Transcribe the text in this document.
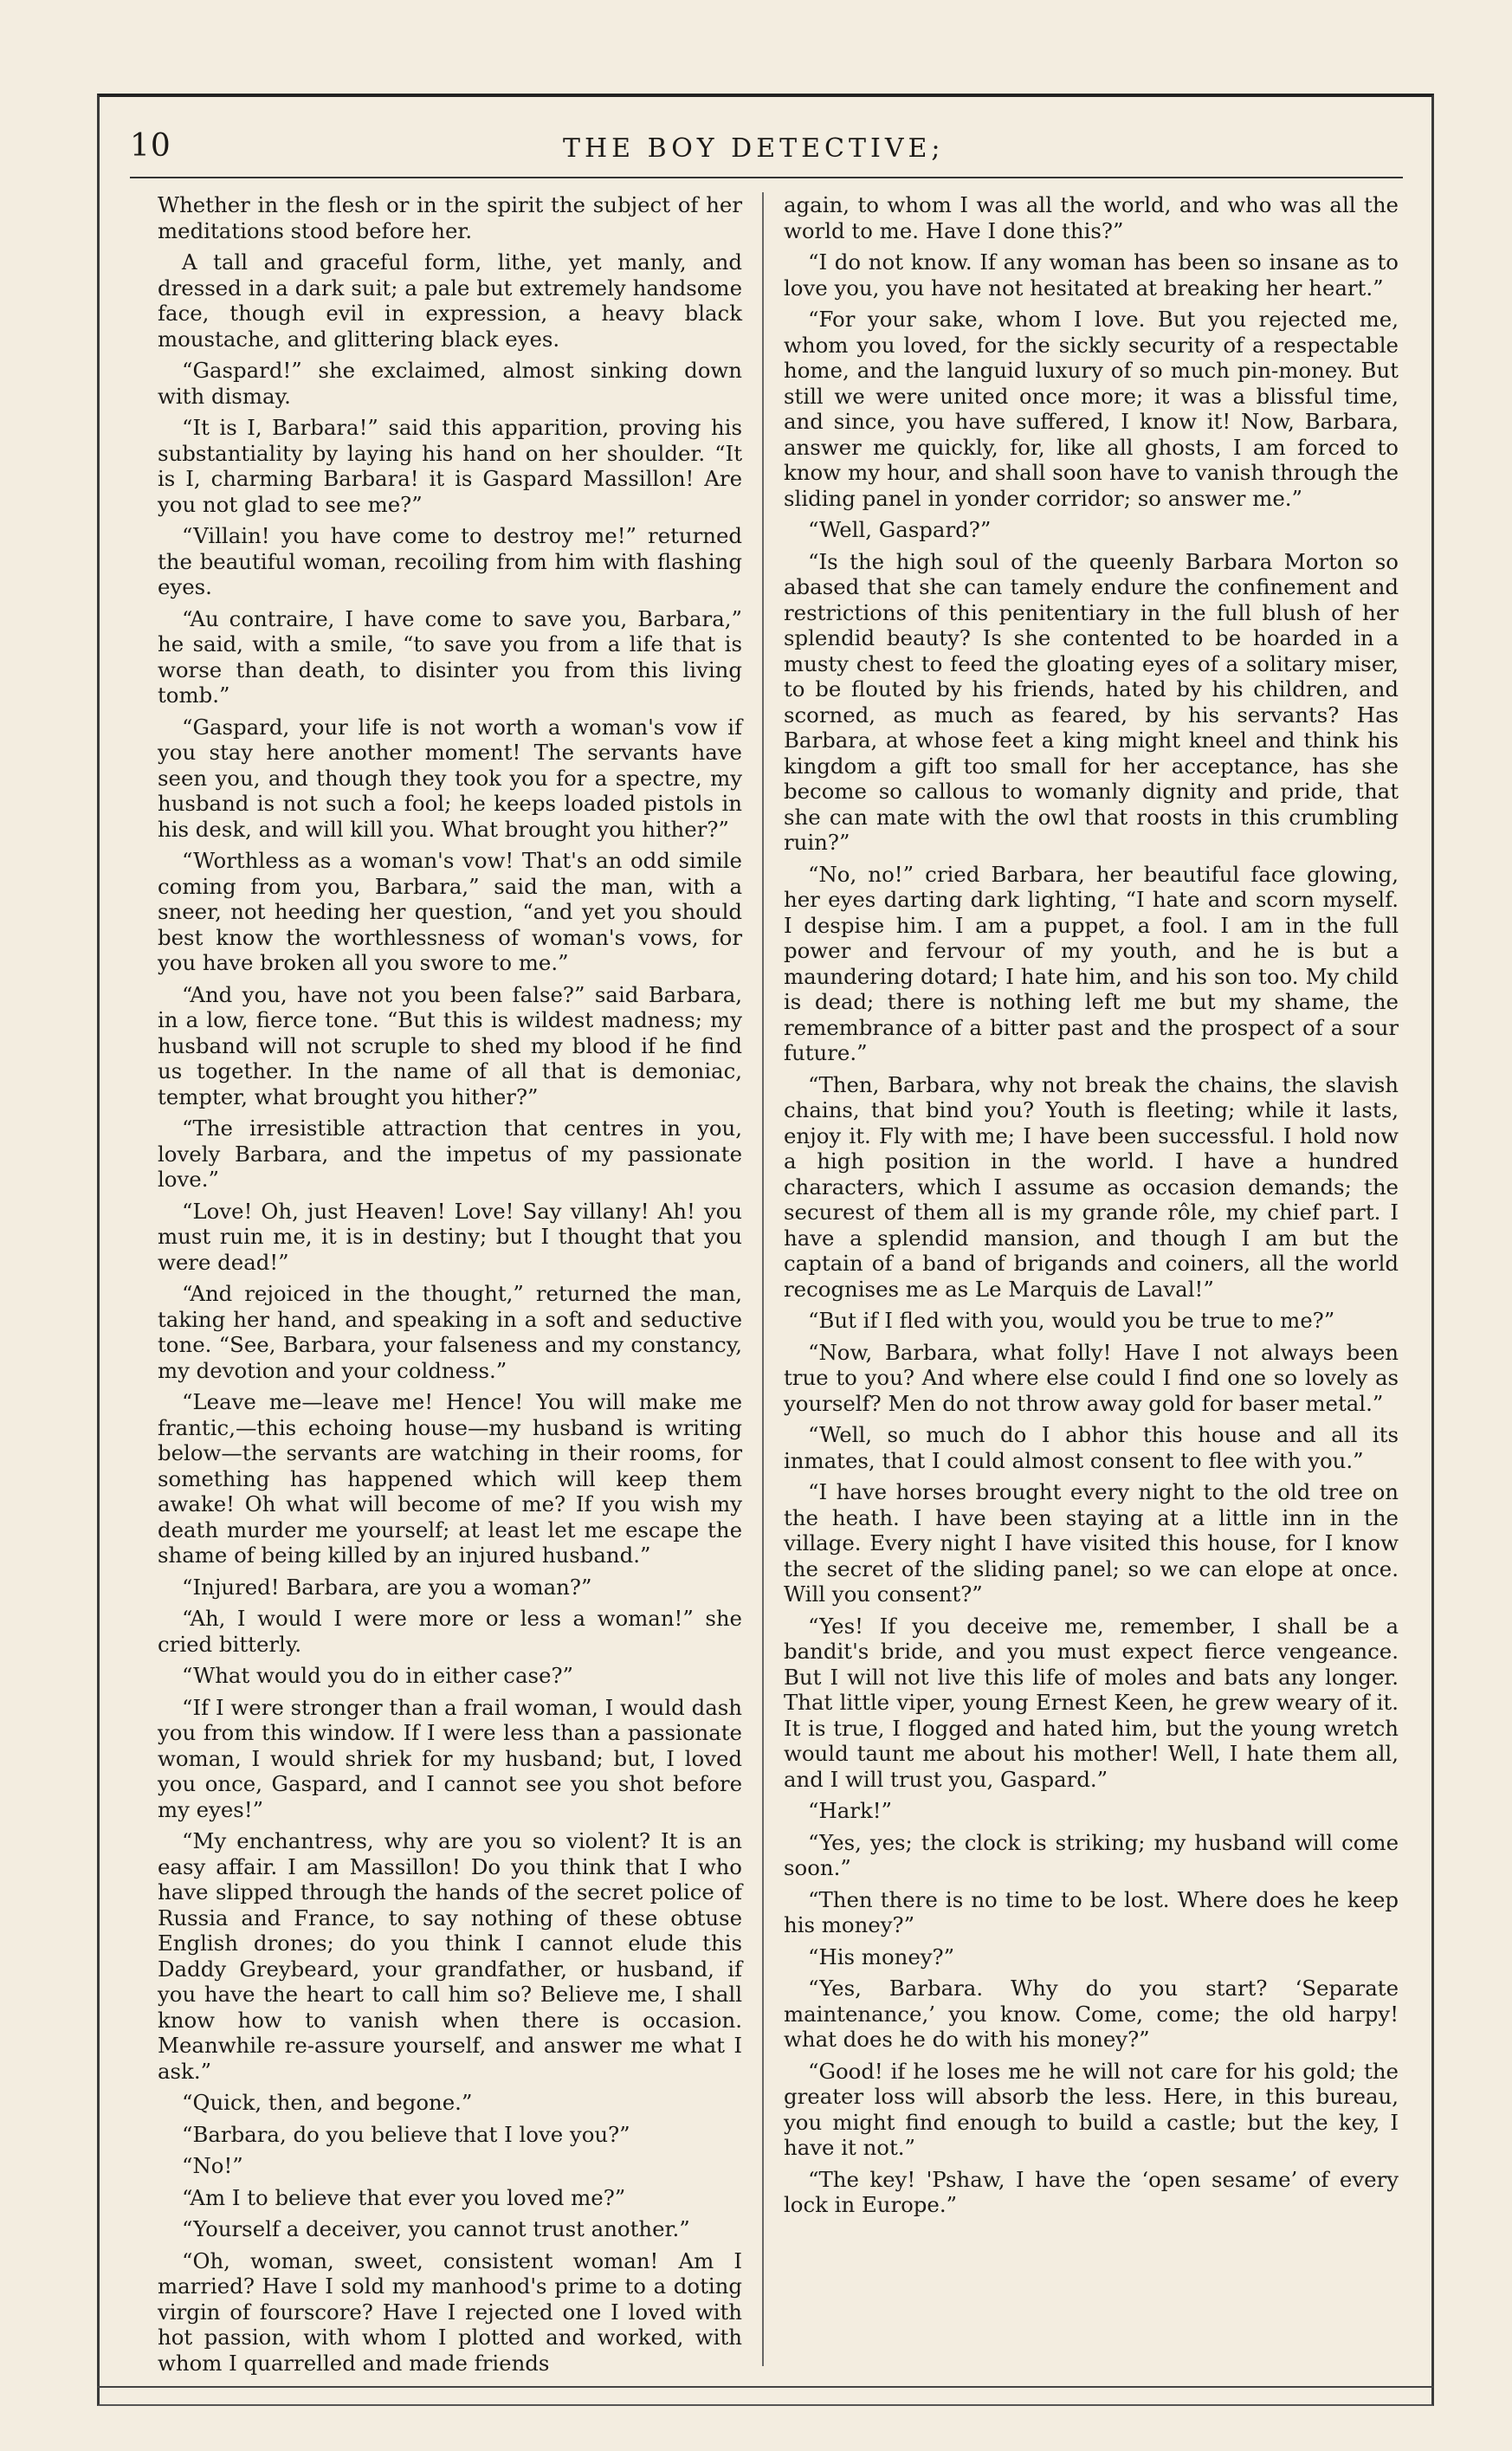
10	THE BOY DETECTIVE;

Whether in the flesh or in the spirit the subject of her meditations stood before her.

A tall and graceful form, lithe, yet manly, and dressed in a dark suit; a pale but extremely handsome face, though evil in expression, a heavy black moustache, and glittering black eyes.

“Gaspard!” she exclaimed, almost sinking down with dismay.

“It is I, Barbara!” said this apparition, proving his substantiality by laying his hand on her shoulder. “It is I, charming Barbara! it is Gaspard Massillon! Are you not glad to see me?”

“Villain! you have come to destroy me!” returned the beautiful woman, recoiling from him with flashing eyes.

“Au contraire, I have come to save you, Barbara,” he said, with a smile, “to save you from a life that is worse than death, to disinter you from this living tomb.”

“Gaspard, your life is not worth a woman's vow if you stay here another moment! The servants have seen you, and though they took you for a spectre, my husband is not such a fool; he keeps loaded pistols in his desk, and will kill you. What brought you hither?”

“Worthless as a woman's vow! That's an odd simile coming from you, Barbara,” said the man, with a sneer, not heeding her question, “and yet you should best know the worthlessness of woman's vows, for you have broken all you swore to me.”

“And you, have not you been false?” said Barbara, in a low, fierce tone. “But this is wildest madness; my husband will not scruple to shed my blood if he find us together. In the name of all that is demoniac, tempter, what brought you hither?”

“The irresistible attraction that centres in you, lovely Barbara, and the impetus of my passionate love.”

“Love! Oh, just Heaven! Love! Say villany! Ah! you must ruin me, it is in destiny; but I thought that you were dead!”

“And rejoiced in the thought,” returned the man, taking her hand, and speaking in a soft and seductive tone. “See, Barbara, your falseness and my constancy, my devotion and your coldness.”

“Leave me—leave me! Hence! You will make me frantic,—this echoing house—my husband is writing below—the servants are watching in their rooms, for something has happened which will keep them awake! Oh what will become of me? If you wish my death murder me yourself; at least let me escape the shame of being killed by an injured husband.”

“Injured! Barbara, are you a woman?”

“Ah, I would I were more or less a woman!” she cried bitterly.

“What would you do in either case?”

“If I were stronger than a frail woman, I would dash you from this window. If I were less than a passionate woman, I would shriek for my husband; but, I loved you once, Gaspard, and I cannot see you shot before my eyes!”

“My enchantress, why are you so violent? It is an easy affair. I am Massillon! Do you think that I who have slipped through the hands of the secret police of Russia and France, to say nothing of these obtuse English drones; do you think I cannot elude this Daddy Greybeard, your grandfather, or husband, if you have the heart to call him so? Believe me, I shall know how to vanish when there is occasion. Meanwhile re-assure yourself, and answer me what I ask.”

“Quick, then, and begone.”

“Barbara, do you believe that I love you?”

“No!”

“Am I to believe that ever you loved me?”

“Yourself a deceiver, you cannot trust another.”

“Oh, woman, sweet, consistent woman! Am I married? Have I sold my manhood's prime to a doting virgin of fourscore? Have I rejected one I loved with hot passion, with whom I plotted and worked, with whom I quarrelled and made friends

again, to whom I was all the world, and who was all the world to me. Have I done this?”

“I do not know. If any woman has been so insane as to love you, you have not hesitated at breaking her heart.”

“For your sake, whom I love. But you rejected me, whom you loved, for the sickly security of a respectable home, and the languid luxury of so much pin-money. But still we were united once more; it was a blissful time, and since, you have suffered, I know it! Now, Barbara, answer me quickly, for, like all ghosts, I am forced to know my hour, and shall soon have to vanish through the sliding panel in yonder corridor; so answer me.”

“Well, Gaspard?”

“Is the high soul of the queenly Barbara Morton so abased that she can tamely endure the confinement and restrictions of this penitentiary in the full blush of her splendid beauty? Is she contented to be hoarded in a musty chest to feed the gloating eyes of a solitary miser, to be flouted by his friends, hated by his children, and scorned, as much as feared, by his servants? Has Barbara, at whose feet a king might kneel and think his kingdom a gift too small for her acceptance, has she become so callous to womanly dignity and pride, that she can mate with the owl that roosts in this crumbling ruin?”

“No, no!” cried Barbara, her beautiful face glowing, her eyes darting dark lighting, “I hate and scorn myself. I despise him. I am a puppet, a fool. I am in the full power and fervour of my youth, and he is but a maundering dotard; I hate him, and his son too. My child is dead; there is nothing left me but my shame, the remembrance of a bitter past and the prospect of a sour future.”

“Then, Barbara, why not break the chains, the slavish chains, that bind you? Youth is fleeting; while it lasts, enjoy it. Fly with me; I have been successful. I hold now a high position in the world. I have a hundred characters, which I assume as occasion demands; the securest of them all is my grande rôle, my chief part. I have a splendid mansion, and though I am but the captain of a band of brigands and coiners, all the world recognises me as Le Marquis de Laval!”

“But if I fled with you, would you be true to me?”

“Now, Barbara, what folly! Have I not always been true to you? And where else could I find one so lovely as yourself? Men do not throw away gold for baser metal.”

“Well, so much do I abhor this house and all its inmates, that I could almost consent to flee with you.”

“I have horses brought every night to the old tree on the heath. I have been staying at a little inn in the village. Every night I have visited this house, for I know the secret of the sliding panel; so we can elope at once. Will you consent?”

“Yes! If you deceive me, remember, I shall be a bandit's bride, and you must expect fierce vengeance. But I will not live this life of moles and bats any longer. That little viper, young Ernest Keen, he grew weary of it. It is true, I flogged and hated him, but the young wretch would taunt me about his mother! Well, I hate them all, and I will trust you, Gaspard.”

“Hark!”

“Yes, yes; the clock is striking; my husband will come soon.”

“Then there is no time to be lost. Where does he keep his money?”

“His money?”

“Yes, Barbara. Why do you start? ‘Separate maintenance,’ you know. Come, come; the old harpy! what does he do with his money?”

“Good! if he loses me he will not care for his gold; the greater loss will absorb the less. Here, in this bureau, you might find enough to build a castle; but the key, I have it not.”

“The key! 'Pshaw, I have the ‘open sesame’ of every lock in Europe.”
